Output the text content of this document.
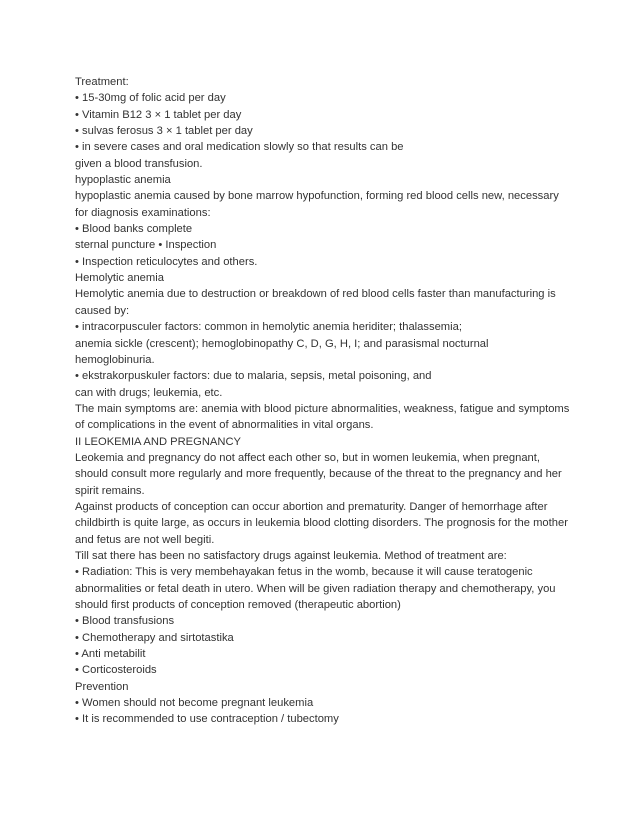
Treatment:
• 15-30mg of folic acid per day
• Vitamin B12 3 × 1 tablet per day
• sulvas ferosus 3 × 1 tablet per day
• in severe cases and oral medication slowly so that results can be
given a blood transfusion.
hypoplastic anemia
hypoplastic anemia caused by bone marrow hypofunction, forming red blood cells new, necessary
for diagnosis examinations:
• Blood banks complete
sternal puncture • Inspection
• Inspection reticulocytes and others.
Hemolytic anemia
Hemolytic anemia due to destruction or breakdown of red blood cells faster than manufacturing is
caused by:
• intracorpusculer factors: common in hemolytic anemia heriditer; thalassemia;
anemia sickle (crescent); hemoglobinopathy C, D, G, H, I; and parasismal nocturnal
hemoglobinuria.
• ekstrakorpuskuler factors: due to malaria, sepsis, metal poisoning, and
can with drugs; leukemia, etc.
The main symptoms are: anemia with blood picture abnormalities, weakness, fatigue and symptoms
of complications in the event of abnormalities in vital organs.
II LEOKEMIA AND PREGNANCY
Leokemia and pregnancy do not affect each other so, but in women leukemia, when pregnant,
should consult more regularly and more frequently, because of the threat to the pregnancy and her
spirit remains.
Against products of conception can occur abortion and prematurity. Danger of hemorrhage after
childbirth is quite large, as occurs in leukemia blood clotting disorders. The prognosis for the mother
and fetus are not well begiti.
Till sat there has been no satisfactory drugs against leukemia. Method of treatment are:
• Radiation: This is very membehayakan fetus in the womb, because it will cause teratogenic
abnormalities or fetal death in utero. When will be given radiation therapy and chemotherapy, you
should first products of conception removed (therapeutic abortion)
• Blood transfusions
• Chemotherapy and sirtotastika
• Anti metabilit
• Corticosteroids
Prevention
• Women should not become pregnant leukemia
• It is recommended to use contraception / tubectomy
